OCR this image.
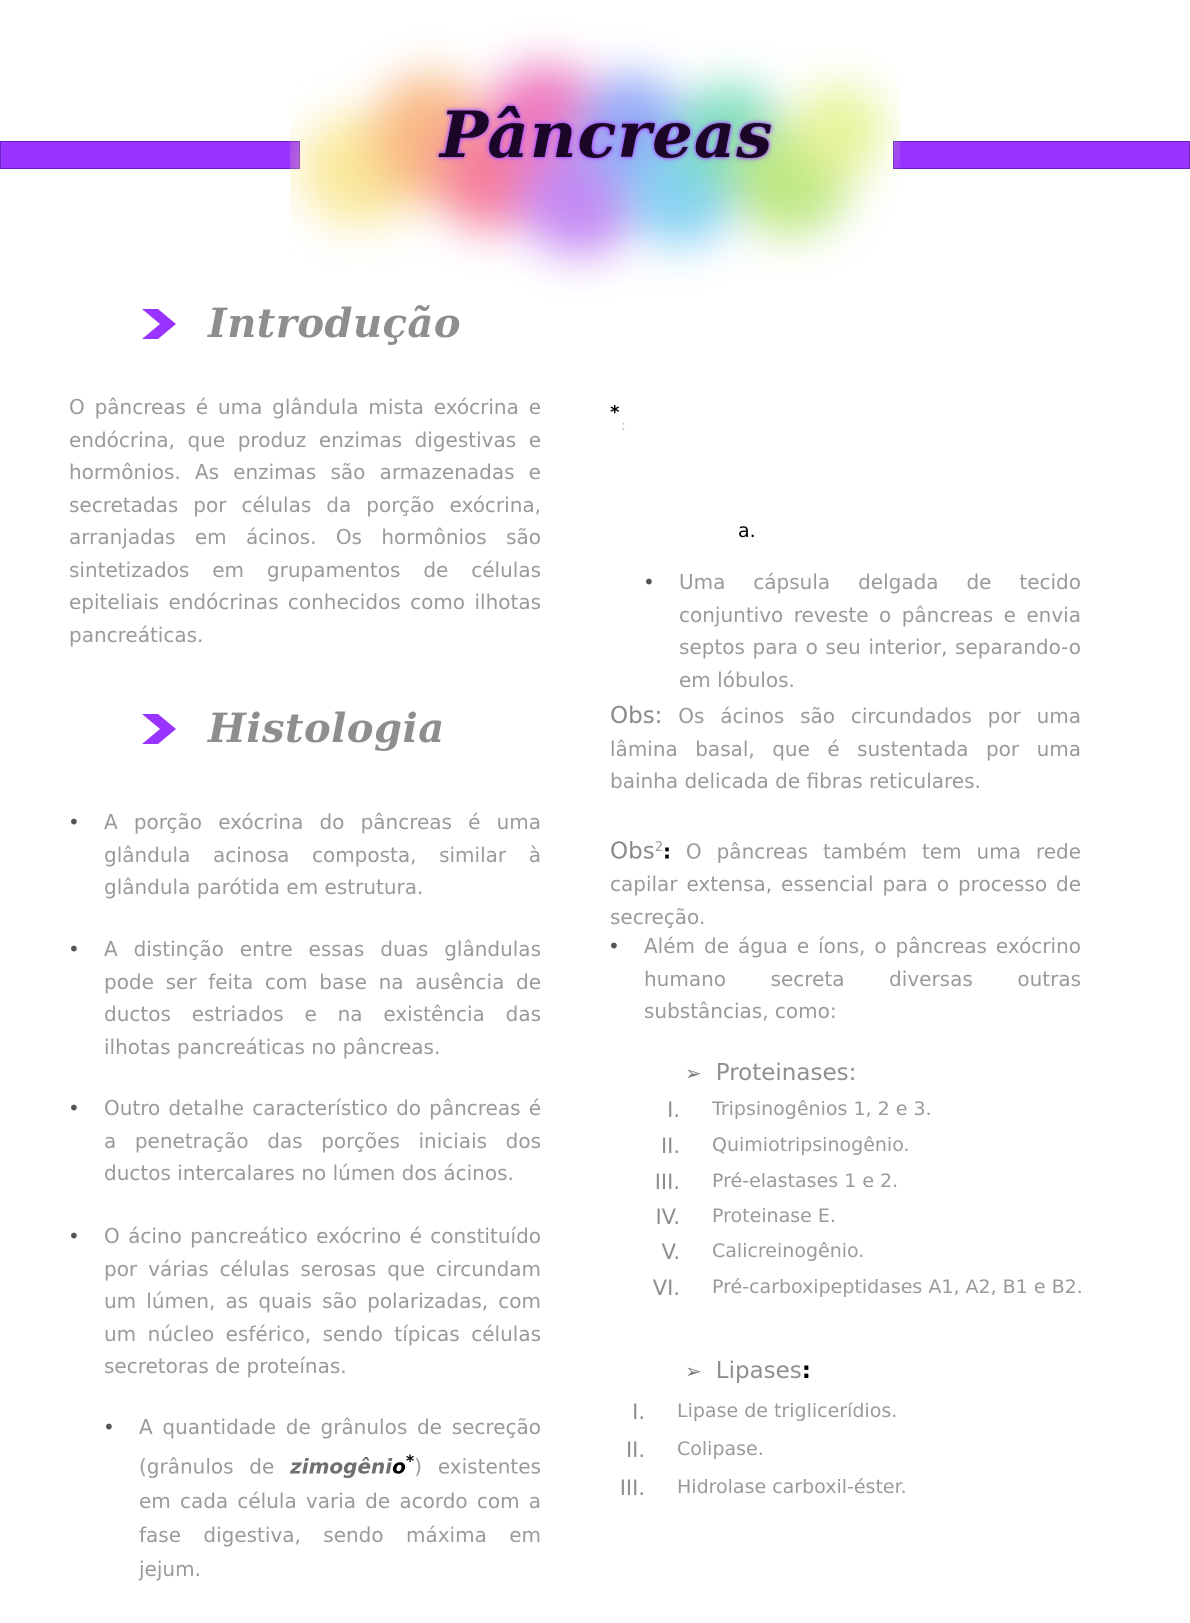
Pâncreas
Introdução
O pâncreas é uma glândula mista exócrina e endócrina, que produz enzimas digestivas e hormônios. As enzimas são armazenadas e secretadas por células da porção exócrina, arranjadas em ácinos. Os hormônios são sintetizados em grupamentos de células epiteliais endócrinas conhecidos como ilhotas pancreáticas.
Histologia
• A porção exócrina do pâncreas é uma glândula acinosa composta, similar à glândula parótida em estrutura.
• A distinção entre essas duas glândulas pode ser feita com base na ausência de ductos estriados e na existência das ilhotas pancreáticas no pâncreas.
• Outro detalhe característico do pâncreas é a penetração das porções iniciais dos ductos intercalares no lúmen dos ácinos.
• O ácino pancreático exócrino é constituído por várias células serosas que circundam um lúmen, as quais são polarizadas, com um núcleo esférico, sendo típicas células secretoras de proteínas.
• A quantidade de grânulos de secreção (grânulos de zimogênio*) existentes em cada célula varia de acordo com a fase digestiva, sendo máxima em jejum.
*
:
a.
• Uma cápsula delgada de tecido conjuntivo reveste o pâncreas e envia septos para o seu interior, separando-o em lóbulos.
Obs: Os ácinos são circundados por uma lâmina basal, que é sustentada por uma bainha delicada de fibras reticulares.
Obs$^2$: O pâncreas também tem uma rede capilar extensa, essencial para o processo de secreção.
• Além de água e íons, o pâncreas exócrino humano secreta diversas outras substâncias, como:
➢ Proteinases:
I. Tripsinogênios 1, 2 e 3.
II. Quimiotripsinogênio.
III. Pré-elastases 1 e 2.
IV. Proteinase E.
V. Calicreinogênio.
VI. Pré-carboxipeptidases A1, A2, B1 e B2.
➢ Lipases :
I. Lipase de triglicerídios.
II. Colipase.
III. Hidrolase carboxil-éster.
